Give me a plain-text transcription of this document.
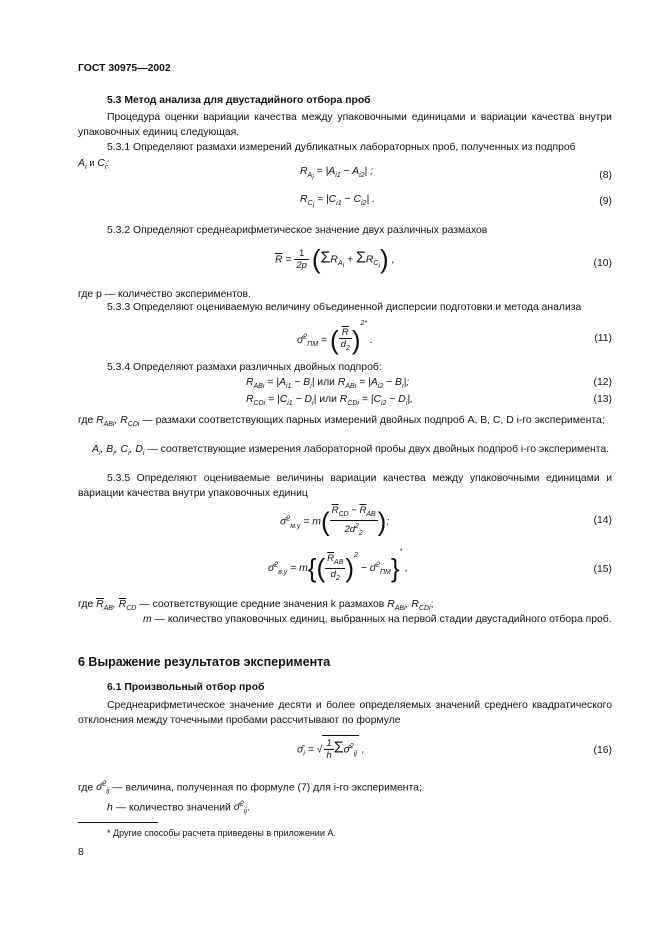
ГОСТ 30975—2002
5.3 Метод анализа для двустадийного отбора проб
Процедура оценки вариации качества между упаковочными единицами и вариации качества внутри упаковочных единиц следующая.
5.3.1 Определяют размахи измерений дубликатных лабораторных проб, полученных из подпроб
$A_i$ и $C_i$:
$R_{A_i} = |A_{i1} - A_{i2}|$ ;	(8)
$R_{C_i} = |C_{i1} - C_{i2}|$ .	(9)
5.3.2 Определяют среднеарифметическое значение двух различных размахов
$\overline{R} = \frac{1}{2p} (\Sigma R_{A_i} + \Sigma R_{C_i})$ ,	(10)
где p — количество экспериментов.
5.3.3 Определяют оцениваемую величину объединенной дисперсии подготовки и метода анализа
σ̂$^2_{ПМ}$ = ( $\frac{\overline{R}}{d_2} )^{2*}$ .	(11)
5.3.4 Определяют размахи различных двойных подпроб:
$R_{ABi} = |A_{i1} - B_i|$ или $R_{ABi} = |A_{i2} - B_i|$;	(12)
$R_{CDi} = |C_{i1} - D_i|$ или $R_{CDi} = |C_{i2} - D_i|$,	(13)
где $R_{ABi}$, $R_{CDi}$ — размахи соответствующих парных измерений двойных подпроб A, B, C, D i-го эксперимента;
$A_i$, $B_i$, $C_i$, $D_i$ — соответствующие измерения лабораторной пробы двух двойных подпроб i-го эксперимента.
5.3.5 Определяют оцениваемые величины вариации качества между упаковочными единицами и вариации качества внутри упаковочных единиц
σ̂$^2_{м.у}$ = $m( \frac{\overline{R}_{CD} - \overline{R}_{AB}}{2d^2_2}$ );	(14)
σ̂$^2_{в.у}$ = $m\{( \frac{\overline{R}_{AB}}{d_2} )^2$ − σ̂$^2_{ПМ}$}* ,	(15)
где $\overline{R}_{AB}$, $\overline{R}_{CD}$ — соответствующие средние значения k размахов $R_{ABi}$, $R_{CDi}$;
m — количество упаковочных единиц, выбранных на первой стадии двустадийного отбора проб.
6 Выражение результатов эксперимента
6.1 Произвольный отбор проб
Среднеарифметическое значение десяти и более определяемых значений среднего квадратического отклонения между точечными пробами рассчитывают по формуле
$\sigmâ_i$ = √ $\frac{1}{h}$ Σσ̂$^2_{ij}$ ,	(16)
где σ̂$^2_{ij}$ — величина, полученная по формуле (7) для i-го эксперимента;
h — количество значений σ̂$^2_{ij}$.
* Другие способы расчета приведены в приложении А.
8
